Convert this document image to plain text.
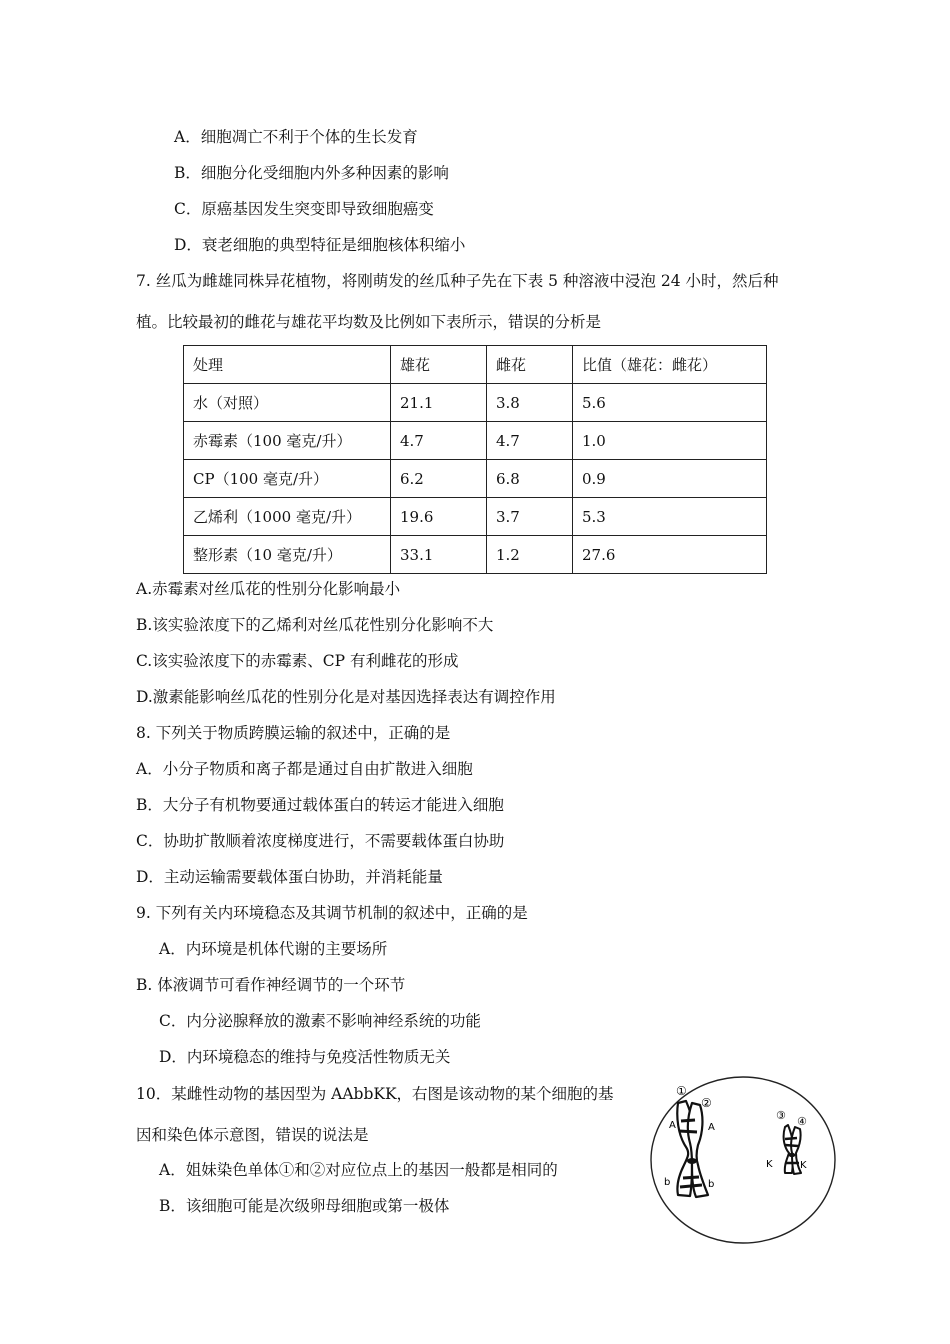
A．细胞凋亡不利于个体的生长发育
B．细胞分化受细胞内外多种因素的影响
C．原癌基因发生突变即导致细胞癌变
D．衰老细胞的典型特征是细胞核体积缩小
7. 丝瓜为雌雄同株异花植物，将刚萌发的丝瓜种子先在下表 5 种溶液中浸泡 24 小时，然后种
植。比较最初的雌花与雄花平均数及比例如下表所示，错误的分析是
处理	雄花	雌花	比值（雄花：雌花）
水（对照）	21.1	3.8	5.6
赤霉素（100 毫克/升）	4.7	4.7	1.0
CP（100 毫克/升）	6.2	6.8	0.9
乙烯利（1000 毫克/升）	19.6	3.7	5.3
整形素（10 毫克/升）	33.1	1.2	27.6
A.赤霉素对丝瓜花的性别分化影响最小
B.该实验浓度下的乙烯利对丝瓜花性别分化影响不大
C.该实验浓度下的赤霉素、CP 有利雌花的形成
D.激素能影响丝瓜花的性别分化是对基因选择表达有调控作用
8. 下列关于物质跨膜运输的叙述中，正确的是
A．小分子物质和离子都是通过自由扩散进入细胞
B．大分子有机物要通过载体蛋白的转运才能进入细胞
C．协助扩散顺着浓度梯度进行，不需要载体蛋白协助
D．主动运输需要载体蛋白协助，并消耗能量
9. 下列有关内环境稳态及其调节机制的叙述中，正确的是
A．内环境是机体代谢的主要场所
B. 体液调节可看作神经调节的一个环节
C．内分泌腺释放的激素不影响神经系统的功能
D．内环境稳态的维持与免疫活性物质无关
10．某雌性动物的基因型为 AAbbKK，右图是该动物的某个细胞的基
因和染色体示意图，错误的说法是
A．姐妹染色单体①和②对应位点上的基因一般都是相同的
B．该细胞可能是次级卵母细胞或第一极体
①
②
③ ④
A	A
b	b
K	K
